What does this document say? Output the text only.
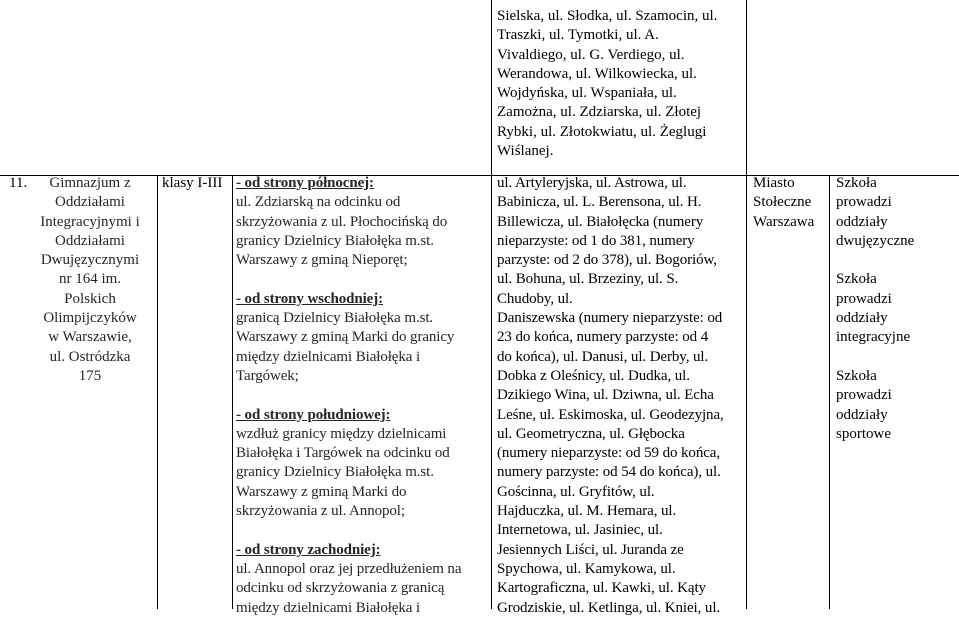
Sielska, ul. Słodka, ul. Szamocin, ul.
Traszki, ul. Tymotki, ul. A.
Vivaldiego, ul. G. Verdiego, ul.
Werandowa, ul. Wilkowiecka, ul.
Wojdyńska, ul. Wspaniała, ul.
Zamożna, ul. Zdziarska, ul. Złotej
Rybki, ul. Złotokwiatu, ul. Żeglugi
Wiślanej.
11.	Gimnazjum z
Oddziałami
Integracyjnymi i
Oddziałami
Dwujęzycznymi
nr 164 im.
Polskich
Olimpijczyków
w Warszawie,
ul. Ostródzka
175
klasy I-III - od strony północnej:
ul. Zdziarską na odcinku od
skrzyżowania z ul. Płochocińską do
granicy Dzielnicy Białołęka m.st.
Warszawy z gminą Nieporęt;
- od strony wschodniej:
granicą Dzielnicy Białołęka m.st.
Warszawy z gminą Marki do granicy
między dzielnicami Białołęka i
Targówek;
- od strony południowej:
wzdłuż granicy między dzielnicami
Białołęka i Targówek na odcinku od
granicy Dzielnicy Białołęka m.st.
Warszawy z gminą Marki do
skrzyżowania z ul. Annopol;
- od strony zachodniej:
ul. Annopol oraz jej przedłużeniem na
odcinku od skrzyżowania z granicą
między dzielnicami Białołęka i
ul. Artyleryjska, ul. Astrowa, ul.
Babinicza, ul. L. Berensona, ul. H.
Billewicza, ul. Białołęcka (numery
nieparzyste: od 1 do 381, numery
parzyste: od 2 do 378), ul. Bogoriów,
ul. Bohuna, ul. Brzeziny, ul. S.
Chudoby, ul.
Daniszewska (numery nieparzyste: od
23 do końca, numery parzyste: od 4
do końca), ul. Danusi, ul. Derby, ul.
Dobka z Oleśnicy, ul. Dudka, ul.
Dzikiego Wina, ul. Dziwna, ul. Echa
Leśne, ul. Eskimoska, ul. Geodezyjna,
ul. Geometryczna, ul. Głębocka
(numery nieparzyste: od 59 do końca,
numery parzyste: od 54 do końca), ul.
Gościnna, ul. Gryfitów, ul.
Hajduczka, ul. M. Hemara, ul.
Internetowa, ul. Jasiniec, ul.
Jesiennych Liści, ul. Juranda ze
Spychowa, ul. Kamykowa, ul.
Kartograficzna, ul. Kawki, ul. Kąty
Grodziskie, ul. Ketlinga, ul. Kniei, ul.
Miasto
Stołeczne
Warszawa
Szkoła
prowadzi
oddziały
dwujęzyczne
Szkoła
prowadzi
oddziały
integracyjne
Szkoła
prowadzi
oddziały
sportowe
